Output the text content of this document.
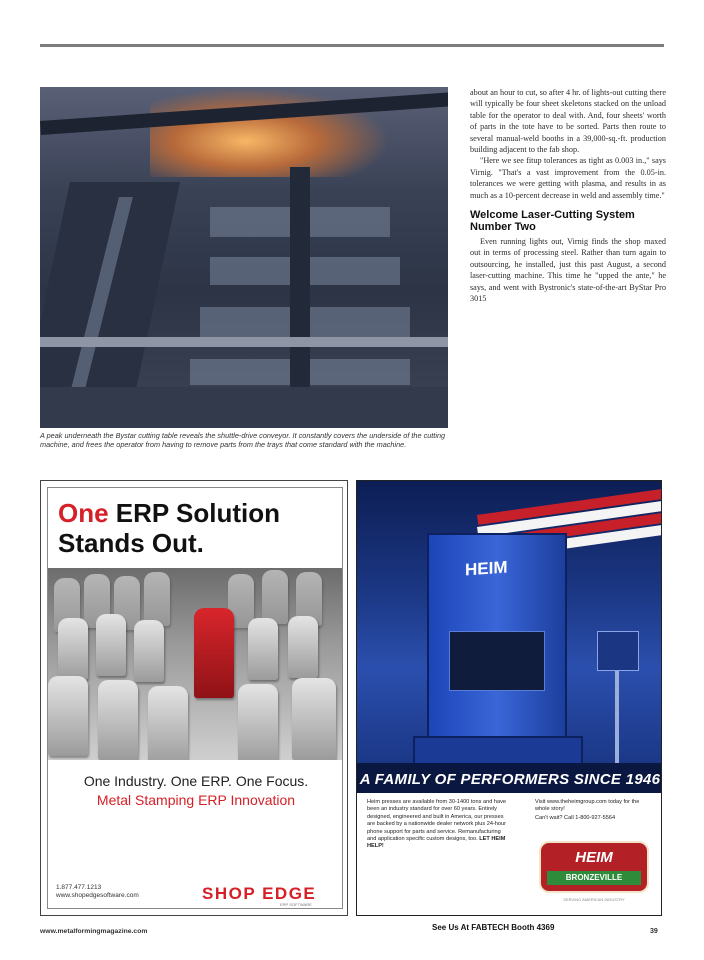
A peak underneath the Bystar cutting table reveals the shuttle-drive conveyor. It constantly covers the underside of the cutting machine, and frees the operator from having to remove parts from the trays that come standard with the machine.

about an hour to cut, so after 4 hr. of lights-out cutting there will typically be four sheet skeletons stacked on the unload table for the operator to deal with. And, four sheets' worth of parts in the tote have to be sorted. Parts then route to several manual-weld booths in a 39,000-sq.-ft. production building adjacent to the fab shop.

"Here we see fitup tolerances as tight as 0.003 in.," says Virnig. "That's a vast improvement from the 0.05-in. tolerances we were getting with plasma, and results in as much as a 10-percent decrease in weld and assembly time."

Welcome Laser-Cutting System Number Two

Even running lights out, Virnig finds the shop maxed out in terms of processing steel. Rather than turn again to outsourcing, he installed, just this past August, a second laser-cutting machine. This time he "upped the ante," he says, and went with Bystronic's state-of-the-art ByStar Pro 3015

One ERP Solution
Stands Out.
One Industry. One ERP. One Focus.
Metal Stamping ERP Innovation
1.877.477.1213
www.shopedgesoftware.com	SHOP EDGE
ERP SOFTWARE
HEIM
A FAMILY OF PERFORMERS SINCE 1946
Heim presses are available from 30-1400 tons and have been an industry standard for over 60 years. Entirely designed, engineered and built in America, our presses are backed by a nationwide dealer network plus 24-hour phone support for parts and service. Remanufacturing and application specific custom designs, too. LET HEIM HELP!
Visit www.theheimgroup.com today for the whole story!
Can't wait? Call 1-800-927-5564
HEIM
BRONZEVILLE
SERVING AMERICAN INDUSTRY
www.metalformingmagazine.com	See Us At FABTECH Booth 4369	39
